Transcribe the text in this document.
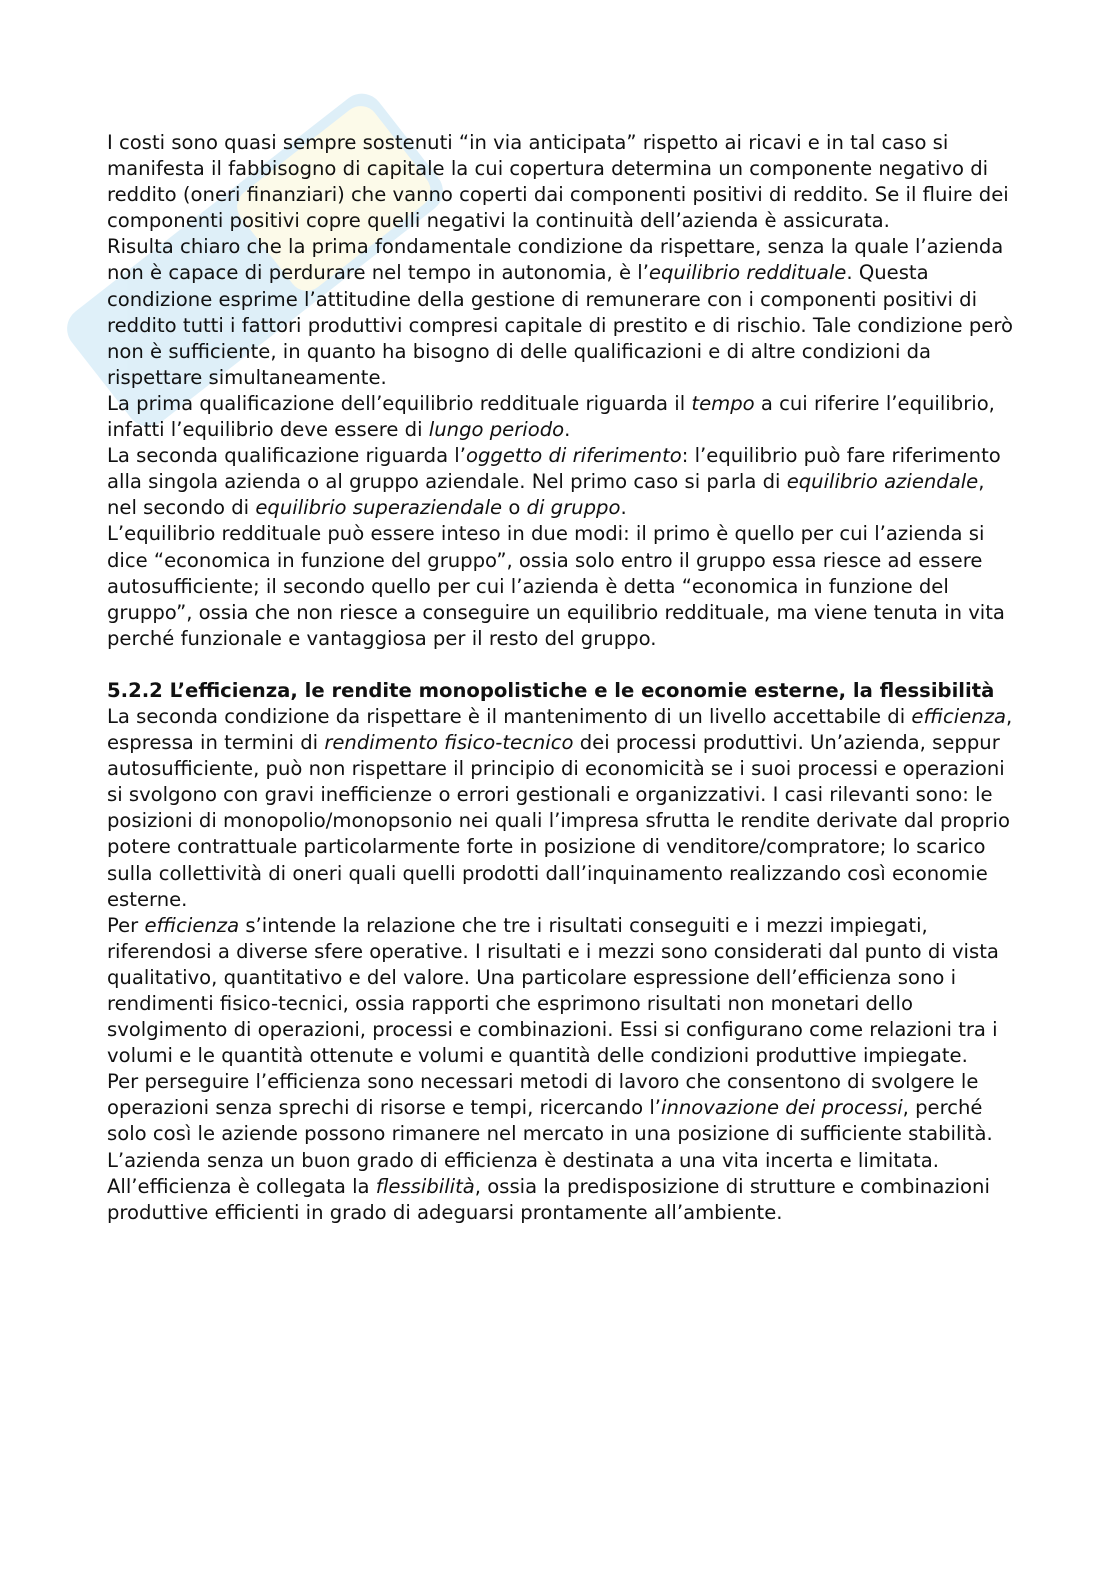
I costi sono quasi sempre sostenuti “in via anticipata” rispetto ai ricavi e in tal caso si manifesta il fabbisogno di capitale la cui copertura determina un componente negativo di reddito (oneri finanziari) che vanno coperti dai componenti positivi di reddito. Se il fluire dei componenti positivi copre quelli negativi la continuità dell’azienda è assicurata.

Risulta chiaro che la prima fondamentale condizione da rispettare, senza la quale l’azienda non è capace di perdurare nel tempo in autonomia, è l’equilibrio reddituale. Questa condizione esprime l’attitudine della gestione di remunerare con i componenti positivi di reddito tutti i fattori produttivi compresi capitale di prestito e di rischio. Tale condizione però non è sufficiente, in quanto ha bisogno di delle qualificazioni e di altre condizioni da rispettare simultaneamente.

La prima qualificazione dell’equilibrio reddituale riguarda il tempo a cui riferire l’equilibrio, infatti l’equilibrio deve essere di lungo periodo.

La seconda qualificazione riguarda l’oggetto di riferimento: l’equilibrio può fare riferimento alla singola azienda o al gruppo aziendale. Nel primo caso si parla di equilibrio aziendale, nel secondo di equilibrio superaziendale o di gruppo.

L’equilibrio reddituale può essere inteso in due modi: il primo è quello per cui l’azienda si dice “economica in funzione del gruppo”, ossia solo entro il gruppo essa riesce ad essere autosufficiente; il secondo quello per cui l’azienda è detta “economica in funzione del gruppo”, ossia che non riesce a conseguire un equilibrio reddituale, ma viene tenuta in vita perché funzionale e vantaggiosa per il resto del gruppo.

5.2.2 L’efficienza, le rendite monopolistiche e le economie esterne, la flessibilità

La seconda condizione da rispettare è il mantenimento di un livello accettabile di efficienza, espressa in termini di rendimento fisico-tecnico dei processi produttivi. Un’azienda, seppur autosufficiente, può non rispettare il principio di economicità se i suoi processi e operazioni si svolgono con gravi inefficienze o errori gestionali e organizzativi. I casi rilevanti sono: le posizioni di monopolio/monopsonio nei quali l’impresa sfrutta le rendite derivate dal proprio potere contrattuale particolarmente forte in posizione di venditore/compratore; lo scarico sulla collettività di oneri quali quelli prodotti dall’inquinamento realizzando così economie esterne.

Per efficienza s’intende la relazione che tre i risultati conseguiti e i mezzi impiegati, riferendosi a diverse sfere operative. I risultati e i mezzi sono considerati dal punto di vista qualitativo, quantitativo e del valore. Una particolare espressione dell’efficienza sono i rendimenti fisico-tecnici, ossia rapporti che esprimono risultati non monetari dello svolgimento di operazioni, processi e combinazioni. Essi si configurano come relazioni tra i volumi e le quantità ottenute e volumi e quantità delle condizioni produttive impiegate.

Per perseguire l’efficienza sono necessari metodi di lavoro che consentono di svolgere le operazioni senza sprechi di risorse e tempi, ricercando l’innovazione dei processi, perché solo così le aziende possono rimanere nel mercato in una posizione di sufficiente stabilità. L’azienda senza un buon grado di efficienza è destinata a una vita incerta e limitata.

All’efficienza è collegata la flessibilità, ossia la predisposizione di strutture e combinazioni produttive efficienti in grado di adeguarsi prontamente all’ambiente.
